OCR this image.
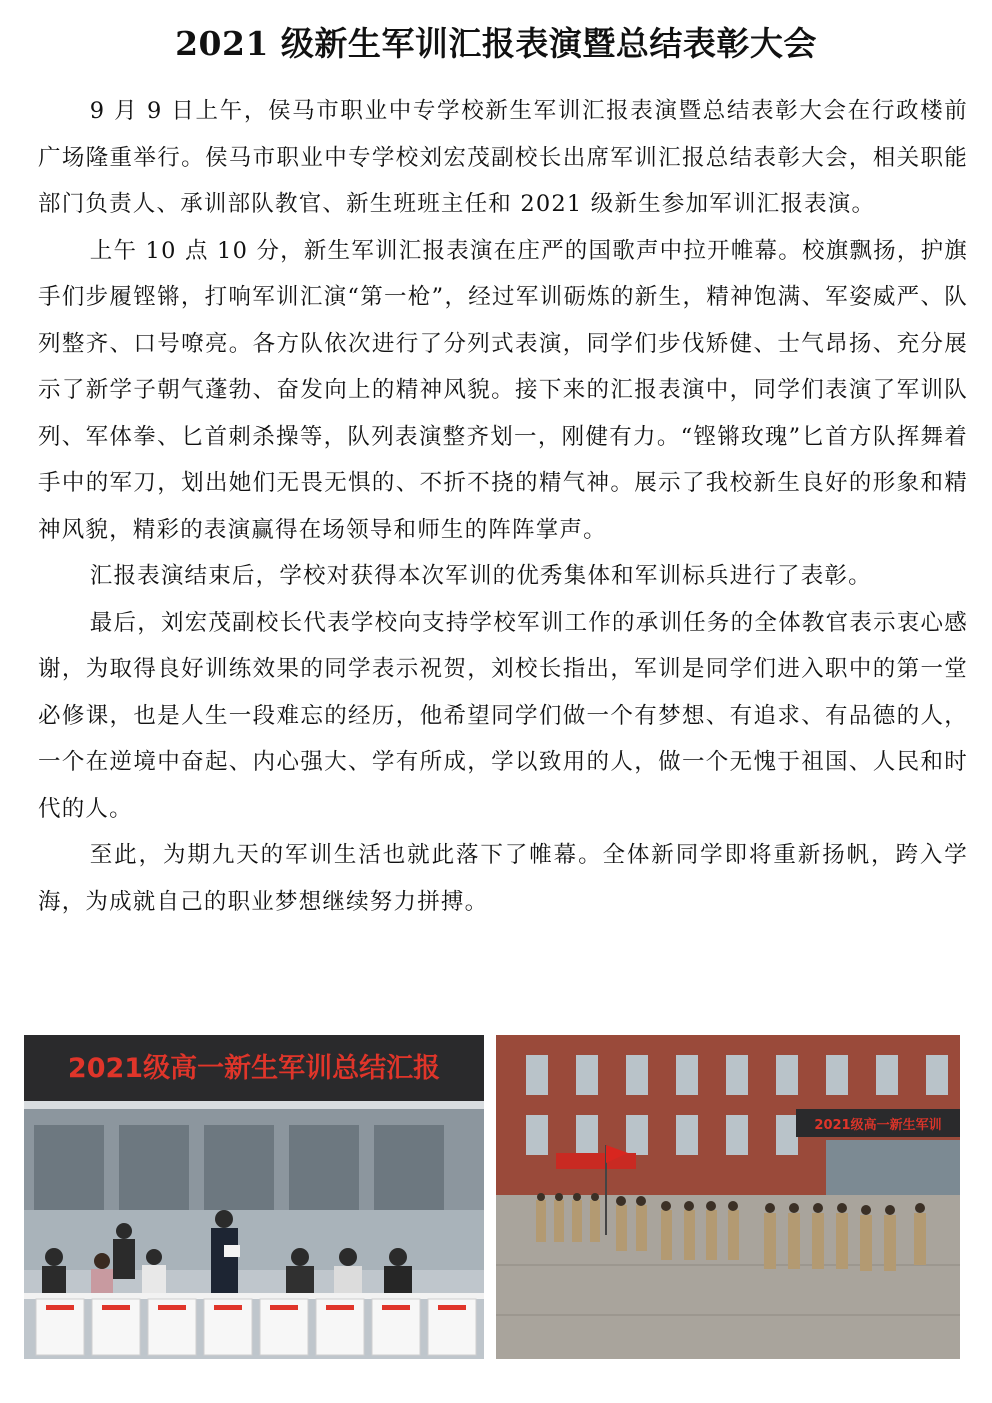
2021 级新生军训汇报表演暨总结表彰大会

9 月 9 日上午，侯马市职业中专学校新生军训汇报表演暨总结表彰大会在行政楼前广场隆重举行。侯马市职业中专学校刘宏茂副校长出席军训汇报总结表彰大会，相关职能部门负责人、承训部队教官、新生班班主任和 2021 级新生参加军训汇报表演。

上午 10 点 10 分，新生军训汇报表演在庄严的国歌声中拉开帷幕。校旗飘扬，护旗手们步履铿锵，打响军训汇演“第一枪”，经过军训砺炼的新生，精神饱满、军姿威严、队列整齐、口号嘹亮。各方队依次进行了分列式表演，同学们步伐矫健、士气昂扬、充分展示了新学子朝气蓬勃、奋发向上的精神风貌。接下来的汇报表演中，同学们表演了军训队列、军体拳、匕首刺杀操等，队列表演整齐划一，刚健有力。“铿锵玫瑰”匕首方队挥舞着手中的军刀，划出她们无畏无惧的、不折不挠的精气神。展示了我校新生良好的形象和精神风貌，精彩的表演赢得在场领导和师生的阵阵掌声。

汇报表演结束后，学校对获得本次军训的优秀集体和军训标兵进行了表彰。

最后，刘宏茂副校长代表学校向支持学校军训工作的承训任务的全体教官表示衷心感谢，为取得良好训练效果的同学表示祝贺，刘校长指出，军训是同学们进入职中的第一堂必修课，也是人生一段难忘的经历，他希望同学们做一个有梦想、有追求、有品德的人，一个在逆境中奋起、内心强大、学有所成，学以致用的人，做一个无愧于祖国、人民和时代的人。

至此，为期九天的军训生活也就此落下了帷幕。全体新同学即将重新扬帆，跨入学海，为成就自己的职业梦想继续努力拼搏。

2021级高一新生军训总结汇报
2021级高一新生军训
